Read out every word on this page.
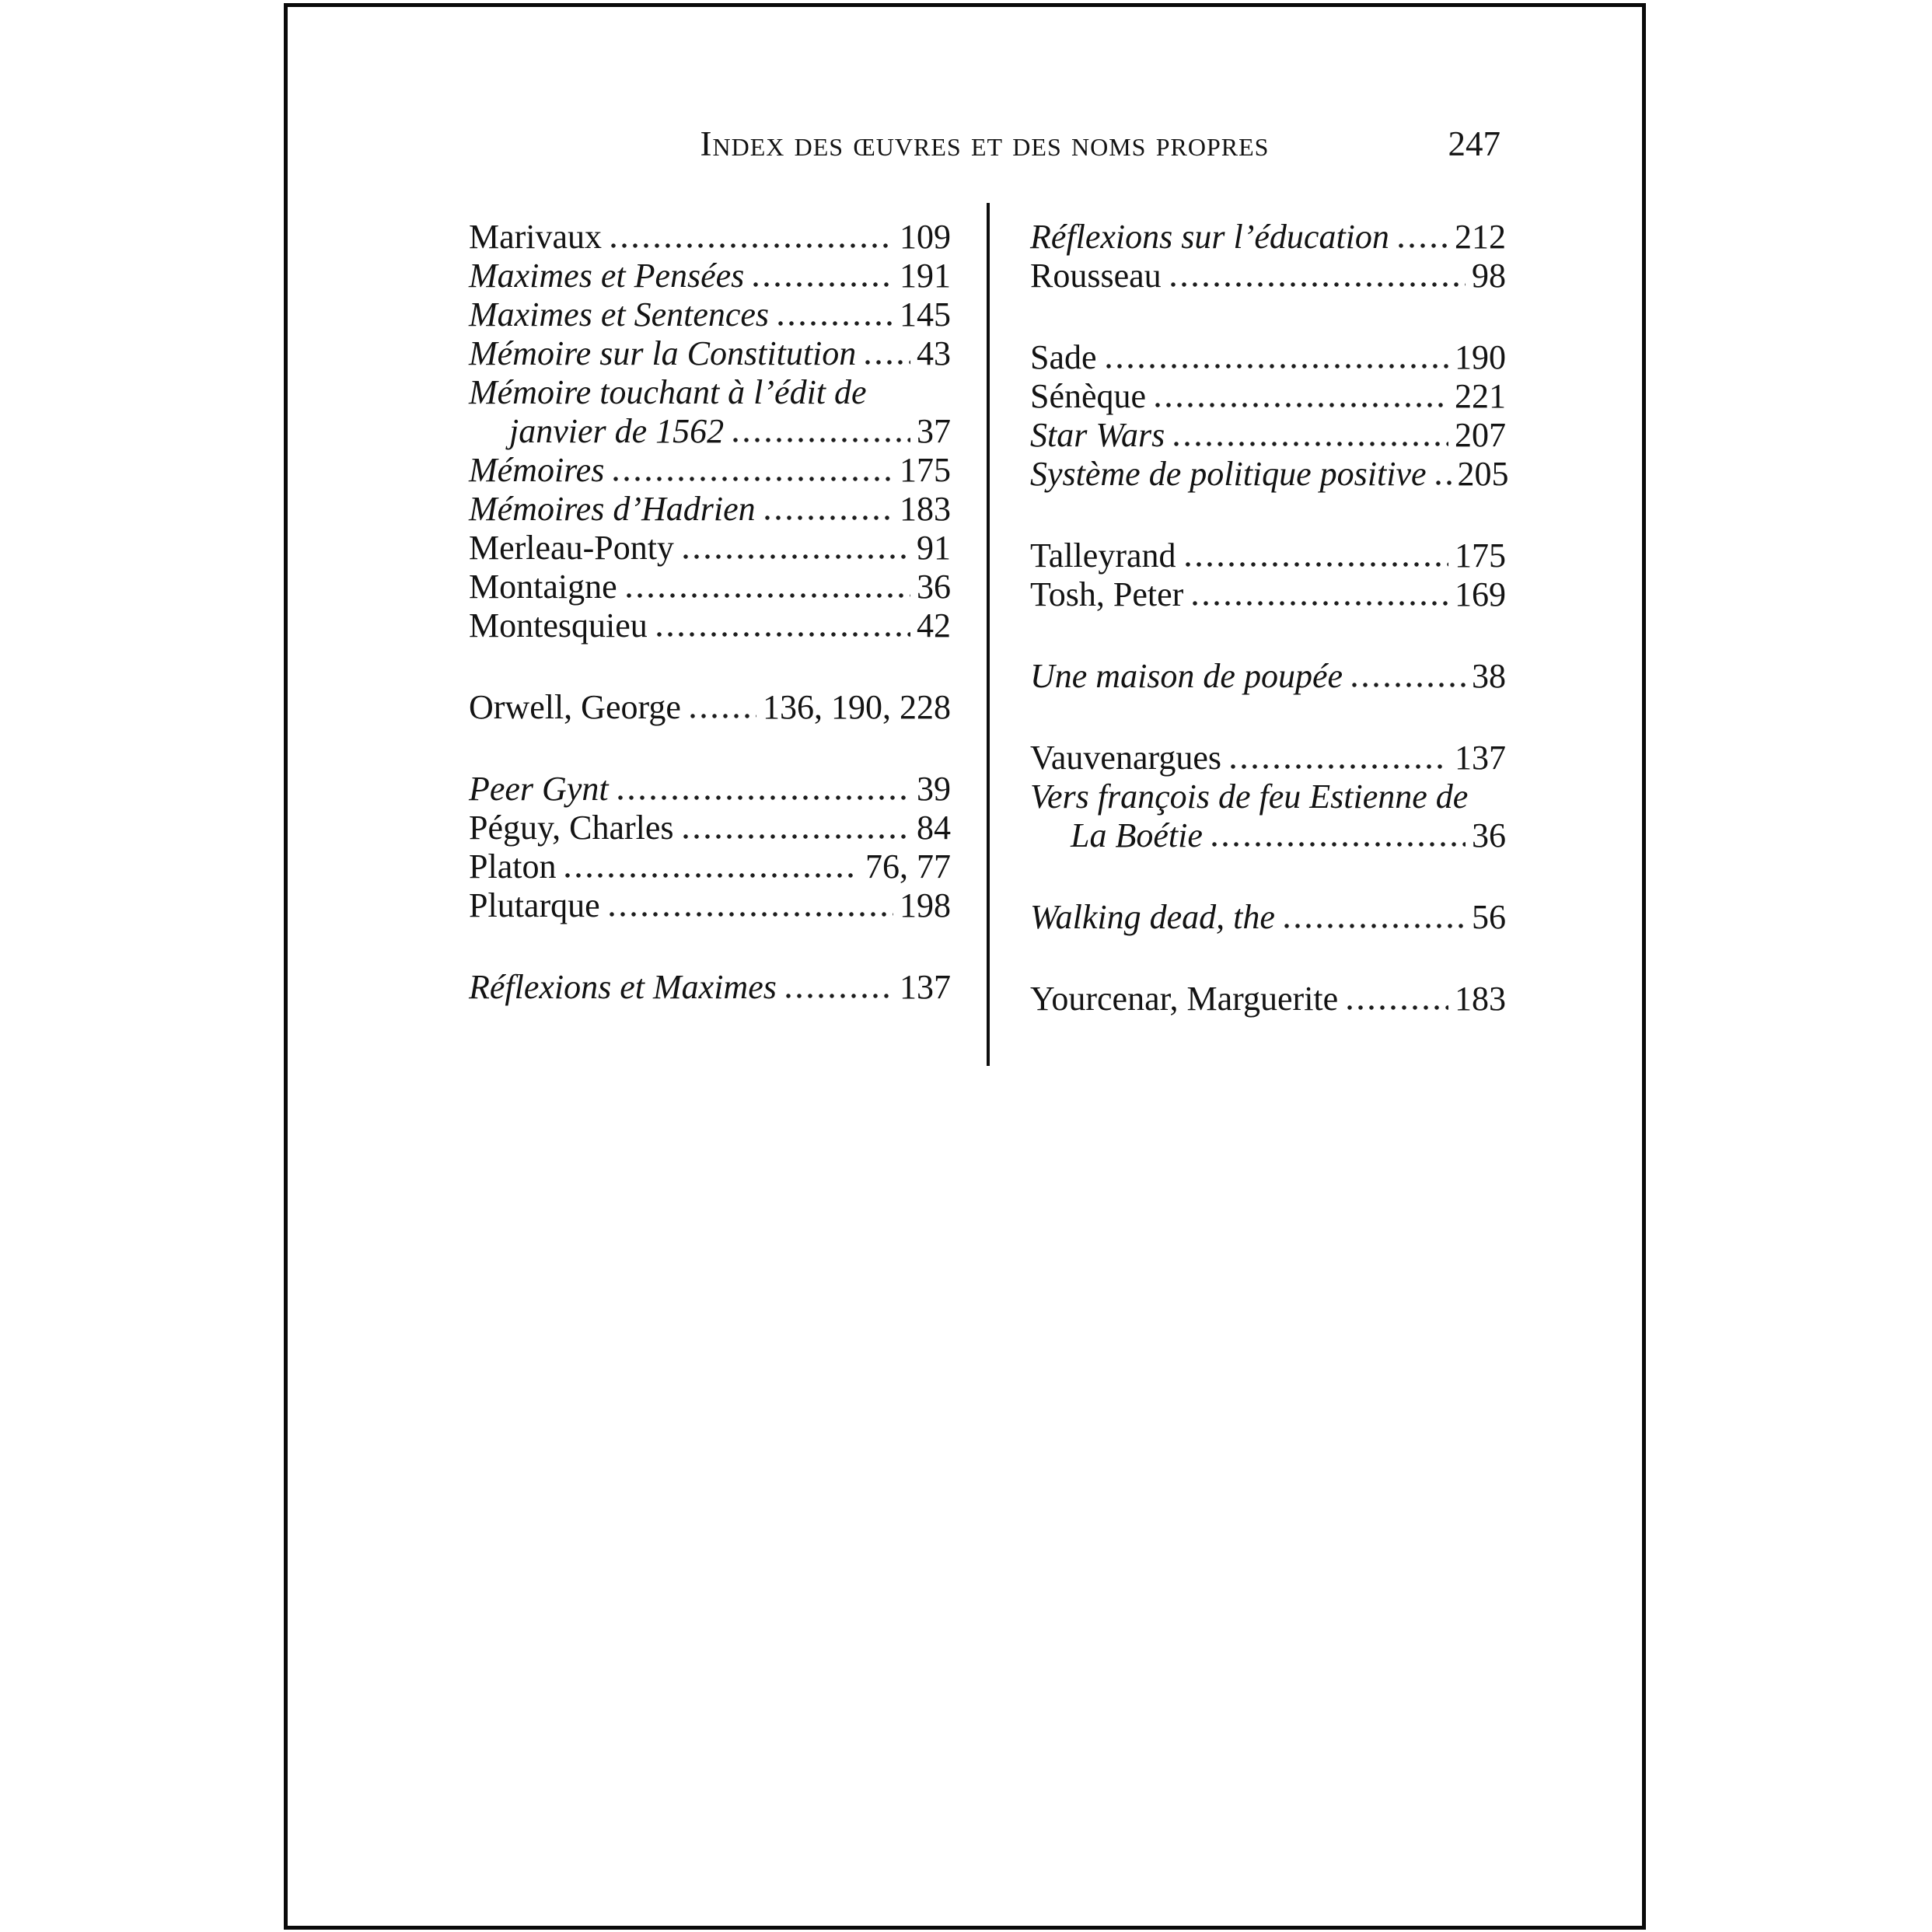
Index des œuvres et des noms propres	247
Marivaux	109
Maximes et Pensées	191
Maximes et Sentences	145
Mémoire sur la Constitution 43
Mémoire touchant à l’édit de
janvier de 1562	37
Mémoires	175
Mémoires d’Hadrien	183
Merleau-Ponty	91
Montaigne	36
Montesquieu	42
Orwell, George 136, 190, 228
Peer Gynt	39
Péguy, Charles	84
Platon	76, 77
Plutarque	198
Réflexions et Maximes	137
Réflexions sur l’éducation 212
Rousseau	98
Sade	190
Sénèque	221
Star Wars	207
Système de politique positive 205
Talleyrand	175
Tosh, Peter	169
Une maison de poupée	38
Vauvenargues	137
Vers françois de feu Estienne de
La Boétie	36
Walking dead, the	56
Yourcenar, Marguerite	183
